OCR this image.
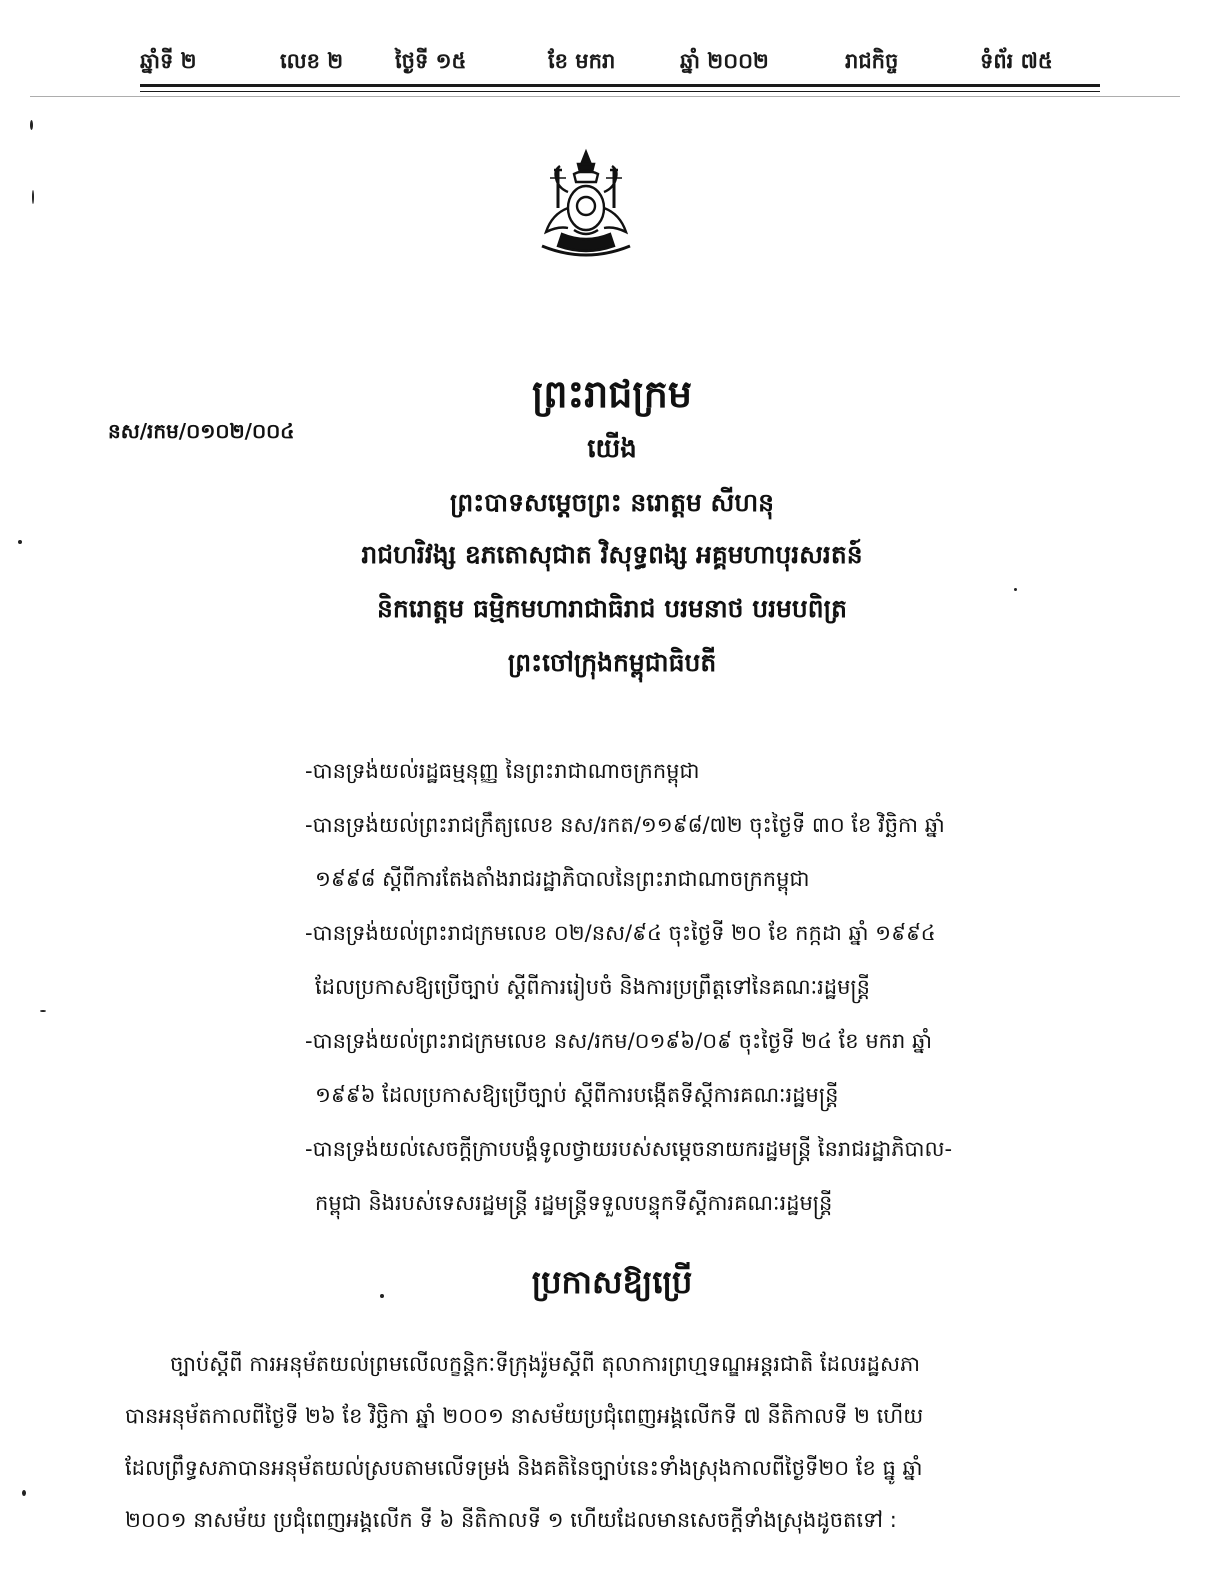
ឆ្នាំទី ២	លេខ ២ ថ្ងៃទី ១៥	ខែ មករា	ឆ្នាំ ២០០២	រាជកិច្ច	ទំព័រ ៧៥
ព្រះរាជក្រម
នស/រកម/០១០២/០០៤
យើង
ព្រះបាទសម្តេចព្រះ នរោត្តម សីហនុ
រាជហរិវង្ស ឧភតោសុជាត វិសុទ្ធពង្ស អគ្គមហាបុរសរតន៍
និករោត្តម ធម្មិកមហារាជាធិរាជ បរមនាថ បរមបពិត្រ
ព្រះចៅក្រុងកម្ពុជាធិបតី
-បានទ្រង់យល់រដ្ឋធម្មនុញ្ញ នៃព្រះរាជាណាចក្រកម្ពុជា
-បានទ្រង់យល់ព្រះរាជក្រឹត្យលេខ នស/រកត/១១៩៨/៧២ ចុះថ្ងៃទី ៣០ ខែ វិច្ឆិកា ឆ្នាំ
១៩៩៨ ស្តីពីការតែងតាំងរាជរដ្ឋាភិបាលនៃព្រះរាជាណាចក្រកម្ពុជា
-បានទ្រង់យល់ព្រះរាជក្រមលេខ ០២/នស/៩៤ ចុះថ្ងៃទី ២០ ខែ កក្កដា ឆ្នាំ ១៩៩៤
ដែលប្រកាសឱ្យប្រើច្បាប់ ស្តីពីការរៀបចំ និងការប្រព្រឹត្តទៅនៃគណៈរដ្ឋមន្ត្រី
-បានទ្រង់យល់ព្រះរាជក្រមលេខ នស/រកម/០១៩៦/០៩ ចុះថ្ងៃទី ២៤ ខែ មករា ឆ្នាំ
១៩៩៦ ដែលប្រកាសឱ្យប្រើច្បាប់ ស្តីពីការបង្កើតទីស្តីការគណៈរដ្ឋមន្ត្រី
-បានទ្រង់យល់សេចក្តីក្រាបបង្គំទូលថ្វាយរបស់សម្តេចនាយករដ្ឋមន្ត្រី នៃរាជរដ្ឋាភិបាល-
កម្ពុជា និងរបស់ទេសរដ្ឋមន្ត្រី រដ្ឋមន្ត្រីទទួលបន្ទុកទីស្តីការគណៈរដ្ឋមន្ត្រី
ប្រកាសឱ្យប្រើ
ច្បាប់ស្តីពី ការអនុម័តយល់ព្រមលើលក្ខន្តិកៈទីក្រុងរ៉ូមស្តីពី តុលាការព្រហ្មទណ្ឌអន្តរជាតិ ដែលរដ្ឋសភា
បានអនុម័តកាលពីថ្ងៃទី ២៦ ខែ វិច្ឆិកា ឆ្នាំ ២០០១ នាសម័យប្រជុំពេញអង្គលើកទី ៧ នីតិកាលទី ២ ហើយ
ដែលព្រឹទ្ធសភាបានអនុម័តយល់ស្របតាមលើទម្រង់ និងគតិនៃច្បាប់នេះទាំងស្រុងកាលពីថ្ងៃទី២០ ខែ ធ្នូ ឆ្នាំ
២០០១ នាសម័យ ប្រជុំពេញអង្គលើក ទី ៦ នីតិកាលទី ១ ហើយដែលមានសេចក្តីទាំងស្រុងដូចតទៅ :
